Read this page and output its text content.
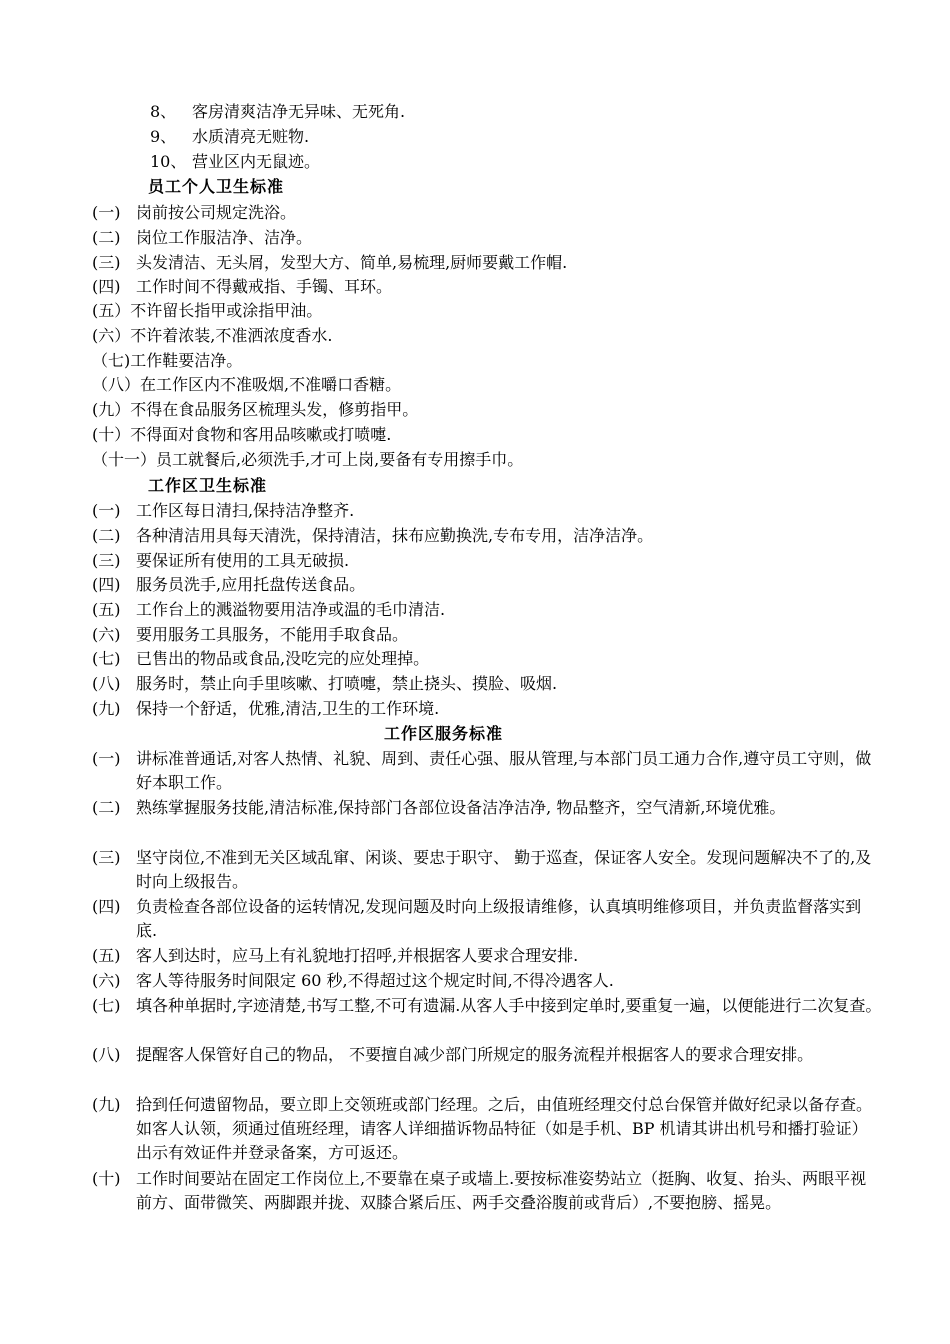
8、 客房清爽洁净无异味、无死角.
9、 水质清亮无赃物.
10、 营业区内无鼠迹。
员工个人卫生标准
(一) 岗前按公司规定洗浴。
(二) 岗位工作服洁净、洁净。
(三) 头发清洁、无头屑，发型大方、简单,易梳理,厨师要戴工作帽.
(四) 工作时间不得戴戒指、手镯、耳环。
(五）不许留长指甲或涂指甲油。
(六）不许着浓装,不准洒浓度香水.
（七)工作鞋要洁净。
（八）在工作区内不准吸烟,不准嚼口香糖。
(九）不得在食品服务区梳理头发，修剪指甲。
(十）不得面对食物和客用品咳嗽或打喷嚏.
（十一）员工就餐后,必须洗手,才可上岗,要备有专用擦手巾。
工作区卫生标准
(一) 工作区每日清扫,保持洁净整齐.
(二) 各种清洁用具每天清洗，保持清洁，抹布应勤换洗,专布专用，洁净洁净。
(三) 要保证所有使用的工具无破损.
(四) 服务员洗手,应用托盘传送食品。
(五) 工作台上的溅溢物要用洁净或温的毛巾清洁.
(六) 要用服务工具服务，不能用手取食品。
(七) 已售出的物品或食品,没吃完的应处理掉。
(八) 服务时，禁止向手里咳嗽、打喷嚏，禁止挠头、摸脸、吸烟.
(九) 保持一个舒适，优雅,清洁,卫生的工作环境.
工作区服务标准
(一) 讲标准普通话,对客人热情、礼貌、周到、责任心强、服从管理,与本部门员工通力合作,遵守员工守则，做好本职工作。
(二) 熟练掌握服务技能,清洁标准,保持部门各部位设备洁净洁净, 物品整齐，空气清新,环境优雅。
(三) 坚守岗位,不准到无关区域乱窜、闲谈、要忠于职守、 勤于巡查，保证客人安全。发现问题解决不了的,及时向上级报告。
(四) 负责检查各部位设备的运转情况,发现问题及时向上级报请维修，认真填明维修项目，并负责监督落实到底.
(五) 客人到达时，应马上有礼貌地打招呼,并根据客人要求合理安排.
(六) 客人等待服务时间限定 60 秒,不得超过这个规定时间,不得冷遇客人.
(七) 填各种单据时,字迹清楚,书写工整,不可有遗漏.从客人手中接到定单时,要重复一遍，以便能进行二次复查。
(八) 提醒客人保管好自己的物品， 不要擅自减少部门所规定的服务流程并根据客人的要求合理安排。
(九) 拾到任何遗留物品，要立即上交领班或部门经理。之后，由值班经理交付总台保管并做好纪录以备存查。如客人认领，须通过值班经理，请客人详细描诉物品特征（如是手机、BP 机请其讲出机号和播打验证）出示有效证件并登录备案，方可返还。
(十) 工作时间要站在固定工作岗位上,不要靠在桌子或墙上.要按标准姿势站立（挺胸、收复、抬头、两眼平视前方、面带微笑、两脚跟并拢、双膝合紧后压、两手交叠浴腹前或背后）,不要抱膀、摇晃。
